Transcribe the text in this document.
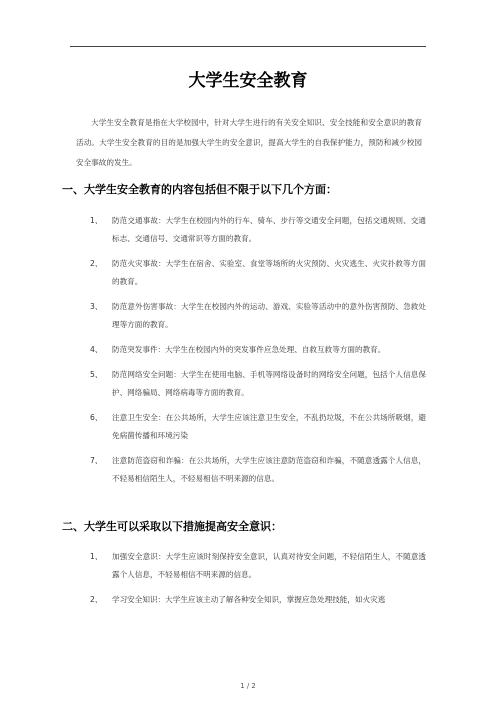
大学生安全教育

大学生安全教育是指在大学校园中，针对大学生进行的有关安全知识、安全技能和安全意识的教育活动。大学生安全教育的目的是加强大学生的安全意识，提高大学生的自我保护能力，预防和减少校园安全事故的发生。

一、大学生安全教育的内容包括但不限于以下几个方面：
1、 防范交通事故：大学生在校园内外的行车、骑车、步行等交通安全问题，包括交通规则、交通标志、交通信号、交通常识等方面的教育。
2、 防范火灾事故：大学生在宿舍、实验室、食堂等场所的火灾预防、火灾逃生、火灾扑救等方面的教育。
3、 防范意外伤害事故：大学生在校园内外的运动、游戏、实验等活动中的意外伤害预防、急救处理等方面的教育。
4、 防范突发事件：大学生在校园内外的突发事件应急处理、自救互救等方面的教育。
5、 防范网络安全问题：大学生在使用电脑、手机等网络设备时的网络安全问题，包括个人信息保护、网络骗局、网络病毒等方面的教育。
6、 注意卫生安全：在公共场所，大学生应该注意卫生安全，不乱扔垃圾，不在公共场所吸烟，避免病菌传播和环境污染
7、 注意防范盗窃和诈骗：在公共场所，大学生应该注意防范盗窃和诈骗，不随意透露个人信息，不轻易相信陌生人，不轻易相信不明来源的信息。
二、大学生可以采取以下措施提高安全意识：
1、 加强安全意识：大学生应该时刻保持安全意识，认真对待安全问题，不轻信陌生人，不随意透露个人信息，不轻易相信不明来源的信息。
2、 学习安全知识：大学生应该主动了解各种安全知识，掌握应急处理技能，如火灾逃
1 / 2
